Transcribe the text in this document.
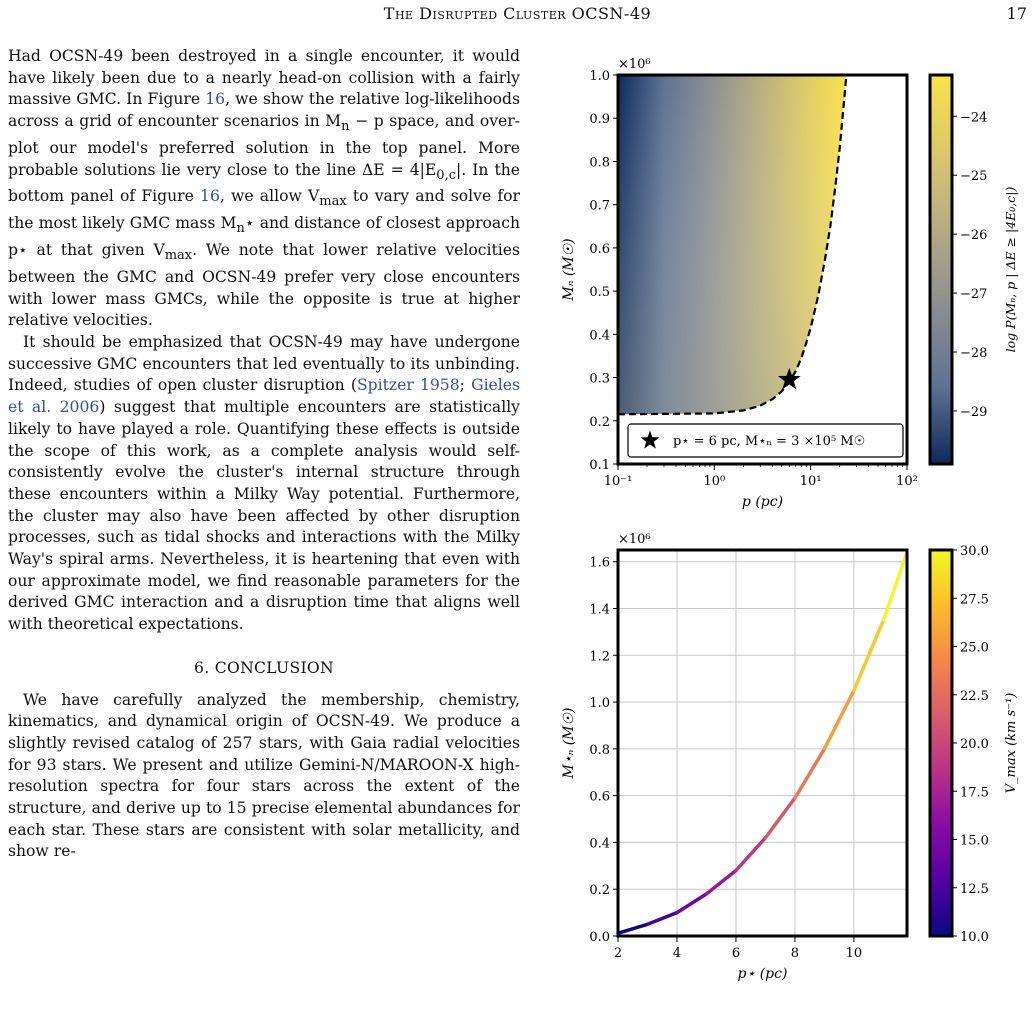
The Disrupted Cluster OCSN-49	17

Had OCSN-49 been destroyed in a single encounter, it would have likely been due to a nearly head-on collision with a fairly massive GMC. In Figure 16, we show the relative log-likelihoods across a grid of encounter scenarios in $M_n - p$ space, and over-plot our model's preferred solution in the top panel. More probable solutions lie very close to the line $\Delta E = 4|E_{0,c}|$. In the bottom panel of Figure 16, we allow $V_{max}$ to vary and solve for the most likely GMC mass $M_n⋆$ and distance of closest approach p⋆ at that given $V_{max}$. We note that lower relative velocities between the GMC and OCSN-49 prefer very close encounters with lower mass GMCs, while the opposite is true at higher relative velocities.

It should be emphasized that OCSN-49 may have undergone successive GMC encounters that led eventually to its unbinding. Indeed, studies of open cluster disruption (Spitzer 1958; Gieles et al. 2006) suggest that multiple encounters are statistically likely to have played a role. Quantifying these effects is outside the scope of this work, as a complete analysis would self-consistently evolve the cluster's internal structure through these encounters within a Milky Way potential. Furthermore, the cluster may also have been affected by other disruption processes, such as tidal shocks and interactions with the Milky Way's spiral arms. Nevertheless, it is heartening that even with our approximate model, we find reasonable parameters for the derived GMC interaction and a disruption time that aligns well with theoretical expectations.

6. CONCLUSION

We have carefully analyzed the membership, chemistry, kinematics, and dynamical origin of OCSN-49. We produce a slightly revised catalog of 257 stars, with Gaia radial velocities for 93 stars. We present and utilize Gemini-N/MAROON-X high-resolution spectra for four stars across the extent of the structure, and derive up to 15 precise elemental abundances for each star. These stars are consistent with solar metallicity, and show re-

0.1
0.2
0.3
0.4
0.5
0.6
0.7
0.8
0.9
1.0
×10⁶
10⁻¹	10⁰	10¹	10²
p (pc)
Mₙ (M☉)
p⋆ = 6 pc, M⋆ₙ = 3 ×10⁵ M☉
−24
−25
−26
−27
−28
−29
log P(Mₙ, p | ΔE ≥ |4E₀,c|)
0.0
0.2
0.4
0.6
0.8
1.0
1.2
1.4
1.6
×10⁶
2	4	6	8	10
p⋆ (pc)
M⋆ₙ (M☉)
10.0
12.5
15.0
17.5
20.0
22.5
25.0
27.5
30.0
V_max (km s⁻¹)
